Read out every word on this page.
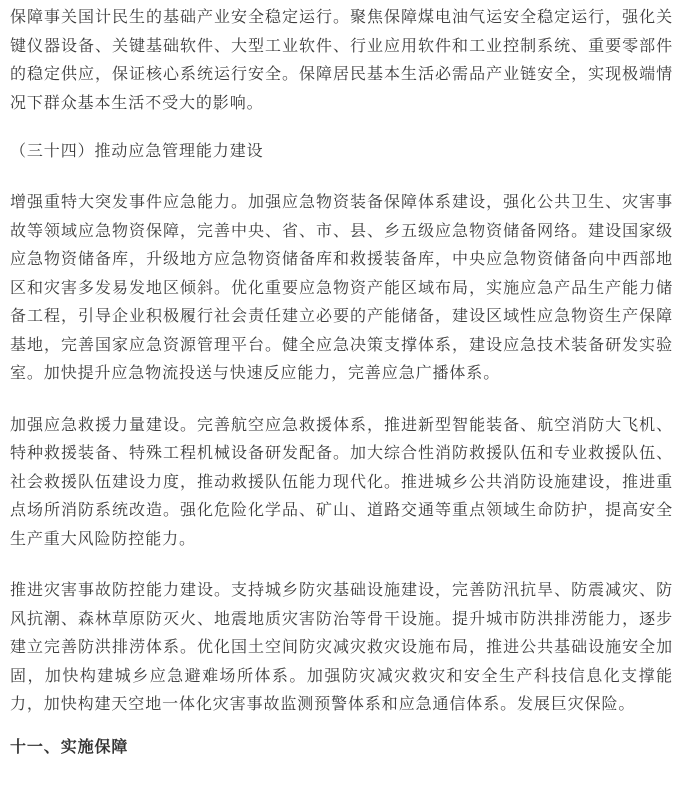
保障事关国计民生的基础产业安全稳定运行。聚焦保障煤电油气运安全稳定运行，强化关键仪器设备、关键基础软件、大型工业软件、行业应用软件和工业控制系统、重要零部件的稳定供应，保证核心系统运行安全。保障居民基本生活必需品产业链安全，实现极端情况下群众基本生活不受大的影响。

（三十四）推动应急管理能力建设

增强重特大突发事件应急能力。加强应急物资装备保障体系建设，强化公共卫生、灾害事故等领域应急物资保障，完善中央、省、市、县、乡五级应急物资储备网络。建设国家级应急物资储备库，升级地方应急物资储备库和救援装备库，中央应急物资储备向中西部地区和灾害多发易发地区倾斜。优化重要应急物资产能区域布局，实施应急产品生产能力储备工程，引导企业积极履行社会责任建立必要的产能储备，建设区域性应急物资生产保障基地，完善国家应急资源管理平台。健全应急决策支撑体系，建设应急技术装备研发实验室。加快提升应急物流投送与快速反应能力，完善应急广播体系。

加强应急救援力量建设。完善航空应急救援体系，推进新型智能装备、航空消防大飞机、特种救援装备、特殊工程机械设备研发配备。加大综合性消防救援队伍和专业救援队伍、社会救援队伍建设力度，推动救援队伍能力现代化。推进城乡公共消防设施建设，推进重点场所消防系统改造。强化危险化学品、矿山、道路交通等重点领域生命防护，提高安全生产重大风险防控能力。

推进灾害事故防控能力建设。支持城乡防灾基础设施建设，完善防汛抗旱、防震减灾、防风抗潮、森林草原防灭火、地震地质灾害防治等骨干设施。提升城市防洪排涝能力，逐步建立完善防洪排涝体系。优化国土空间防灾减灾救灾设施布局，推进公共基础设施安全加固，加快构建城乡应急避难场所体系。加强防灾减灾救灾和安全生产科技信息化支撑能力，加快构建天空地一体化灾害事故监测预警体系和应急通信体系。发展巨灾保险。

十一、实施保障
